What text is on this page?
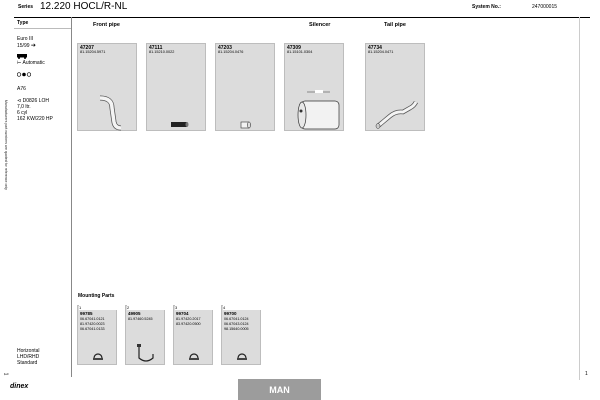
Series 12.220 HOCL/R-NL	System No.:	247000015
Manufacturers part numbers are quoted for reference only
Type
Euro III
15/99 ➔
⊢ Automatic
A76
⊲ D0826 LOH
7,0 ltr.
6 cyl
162 KW/220 HP
Front pipe	Silencer	Tail pipe
47207
81.15204.5971
47111
81.15210.0022
47203
81.15204.0476
47309
81.15101.0304
47734
81.15204.0471
Mounting Parts
1
99785
06.67041.0121
81.97420.0023
06.67041.0133
2
49905
81.97460.5245
3
99704
81.97420.2017
83.97420.0500
4
99700
06.67041.0124
06.67043.0124
98.15640.0005
Horizontal
LHD/RHD
Standard
1	1
dinex	MAN
